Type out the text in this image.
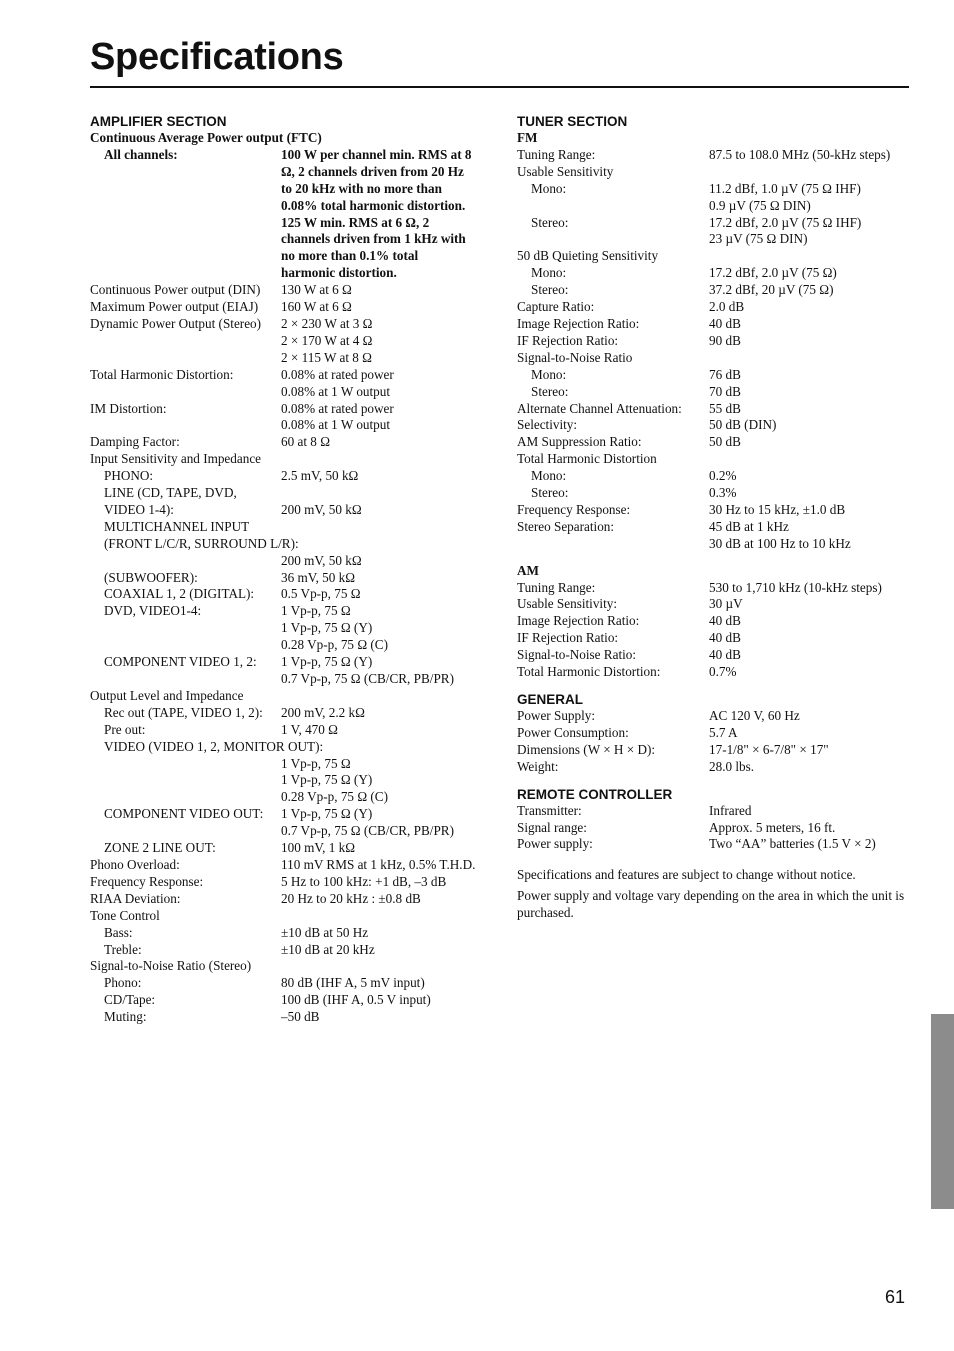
Specifications
AMPLIFIER SECTION
Continuous Average Power output (FTC)
All channels:	100 W per channel min. RMS at 8
Ω, 2 channels driven from 20 Hz
to 20 kHz with no more than
0.08% total harmonic distortion.
125 W min. RMS at 6 Ω, 2
channels driven from 1 kHz with
no more than 0.1% total
harmonic distortion.
Continuous Power output (DIN)	130 W at 6 Ω
Maximum Power output (EIAJ)	160 W at 6 Ω
Dynamic Power Output (Stereo)	2 × 230 W at 3 Ω
2 × 170 W at 4 Ω
2 × 115 W at 8 Ω
Total Harmonic Distortion:	0.08% at rated power
0.08% at 1 W output
IM Distortion:	0.08% at rated power
0.08% at 1 W output
Damping Factor:	60 at 8 Ω
Input Sensitivity and Impedance
PHONO:	2.5 mV, 50 kΩ
LINE (CD, TAPE, DVD,
VIDEO 1-4):	200 mV, 50 kΩ
MULTICHANNEL INPUT
(FRONT L/C/R, SURROUND L/R):
200 mV, 50 kΩ
(SUBWOOFER):	36 mV, 50 kΩ
COAXIAL 1, 2 (DIGITAL):	0.5 Vp-p, 75 Ω
DVD, VIDEO1-4:	1 Vp-p, 75 Ω
1 Vp-p, 75 Ω (Y)
0.28 Vp-p, 75 Ω (C)
COMPONENT VIDEO 1, 2:	1 Vp-p, 75 Ω (Y)
0.7 Vp-p, 75 Ω (CB/CR, PB/PR)
Output Level and Impedance
Rec out (TAPE, VIDEO 1, 2):	200 mV, 2.2 kΩ
Pre out:	1 V, 470 Ω
VIDEO (VIDEO 1, 2, MONITOR OUT):
1 Vp-p, 75 Ω
1 Vp-p, 75 Ω (Y)
0.28 Vp-p, 75 Ω (C)
COMPONENT VIDEO OUT:	1 Vp-p, 75 Ω (Y)
0.7 Vp-p, 75 Ω (CB/CR, PB/PR)
ZONE 2 LINE OUT:	100 mV, 1 kΩ
Phono Overload:	110 mV RMS at 1 kHz, 0.5% T.H.D.
Frequency Response:	5 Hz to 100 kHz: +1 dB, –3 dB
RIAA Deviation:	20 Hz to 20 kHz : ±0.8 dB
Tone Control
Bass:	±10 dB at 50 Hz
Treble:	±10 dB at 20 kHz
Signal-to-Noise Ratio (Stereo)
Phono:	80 dB (IHF A, 5 mV input)
CD/Tape:	100 dB (IHF A, 0.5 V input)
Muting:	–50 dB
TUNER SECTION
FM
Tuning Range:	87.5 to 108.0 MHz (50-kHz steps)
Usable Sensitivity
Mono:	11.2 dBf, 1.0 µV (75 Ω IHF)
0.9 µV (75 Ω DIN)
Stereo:	17.2 dBf, 2.0 µV (75 Ω IHF)
23 µV (75 Ω DIN)
50 dB Quieting Sensitivity
Mono:	17.2 dBf, 2.0 µV (75 Ω)
Stereo:	37.2 dBf, 20 µV (75 Ω)
Capture Ratio:	2.0 dB
Image Rejection Ratio:	40 dB
IF Rejection Ratio:	90 dB
Signal-to-Noise Ratio
Mono:	76 dB
Stereo:	70 dB
Alternate Channel Attenuation:	55 dB
Selectivity:	50 dB (DIN)
AM Suppression Ratio:	50 dB
Total Harmonic Distortion
Mono:	0.2%
Stereo:	0.3%
Frequency Response:	30 Hz to 15 kHz, ±1.0 dB
Stereo Separation:	45 dB at 1 kHz
30 dB at 100 Hz to 10 kHz
AM
Tuning Range:	530 to 1,710 kHz (10-kHz steps)
Usable Sensitivity:	30 µV
Image Rejection Ratio:	40 dB
IF Rejection Ratio:	40 dB
Signal-to-Noise Ratio:	40 dB
Total Harmonic Distortion:	0.7%
GENERAL
Power Supply:	AC 120 V, 60 Hz
Power Consumption:	5.7 A
Dimensions (W × H × D):	17-1/8" × 6-7/8" × 17"
Weight:	28.0 lbs.
REMOTE CONTROLLER
Transmitter:	Infrared
Signal range:	Approx. 5 meters, 16 ft.
Power supply:	Two “AA” batteries (1.5 V × 2)

Specifications and features are subject to change without notice.

Power supply and voltage vary depending on the area in which the unit is purchased.

61
